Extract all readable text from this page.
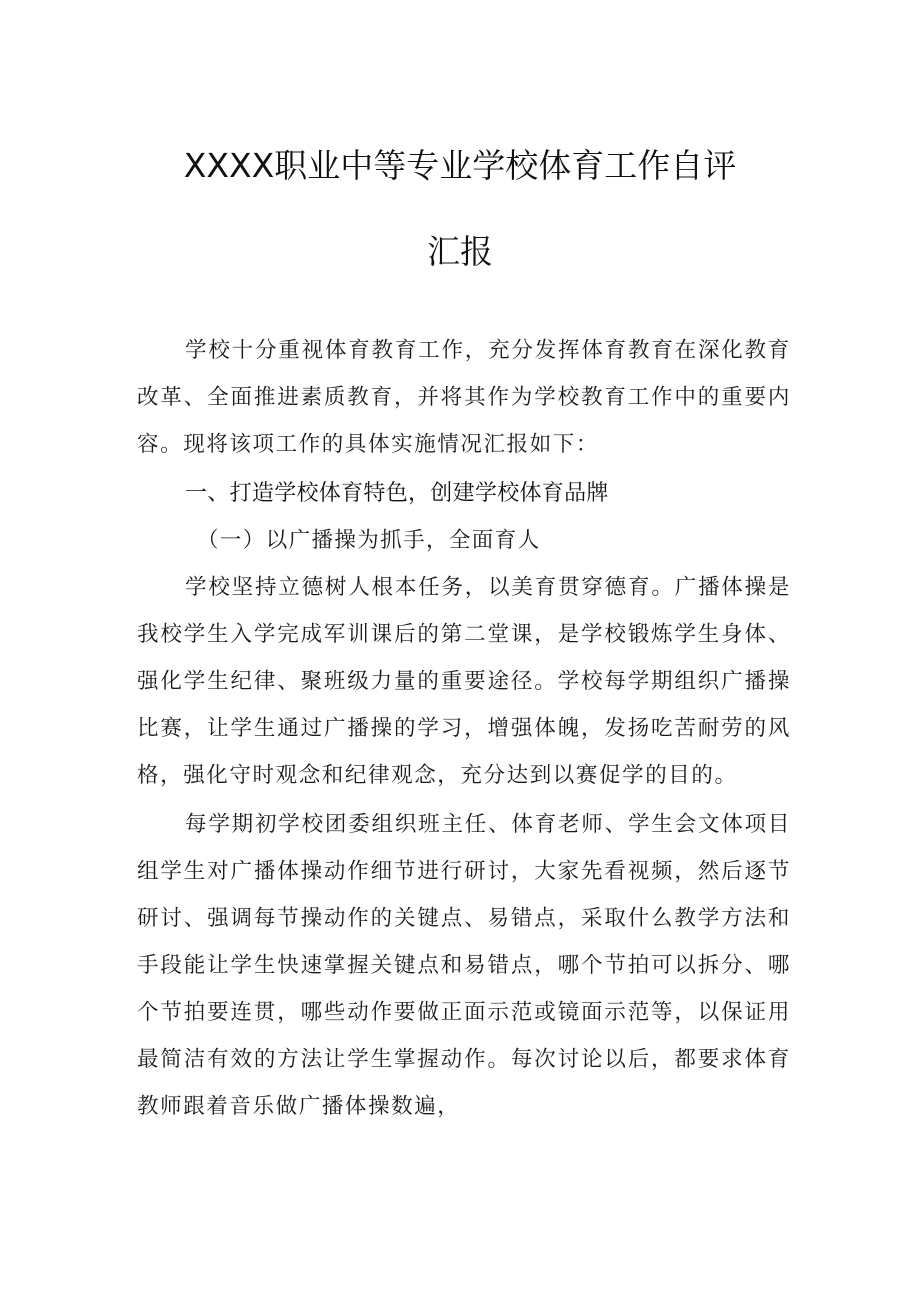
XXXX职业中等专业学校体育工作自评
汇报

学校十分重视体育教育工作，充分发挥体育教育在深化教育改革、全面推进素质教育，并将其作为学校教育工作中的重要内容。现将该项工作的具体实施情况汇报如下：

一、打造学校体育特色，创建学校体育品牌
（一）以广播操为抓手，全面育人

学校坚持立德树人根本任务，以美育贯穿德育。广播体操是我校学生入学完成军训课后的第二堂课，是学校锻炼学生身体、强化学生纪律、聚班级力量的重要途径。学校每学期组织广播操比赛，让学生通过广播操的学习，增强体魄，发扬吃苦耐劳的风格，强化守时观念和纪律观念，充分达到以赛促学的目的。

每学期初学校团委组织班主任、体育老师、学生会文体项目组学生对广播体操动作细节进行研讨，大家先看视频，然后逐节研讨、强调每节操动作的关键点、易错点，采取什么教学方法和手段能让学生快速掌握关键点和易错点，哪个节拍可以拆分、哪个节拍要连贯，哪些动作要做正面示范或镜面示范等，以保证用最简洁有效的方法让学生掌握动作。每次讨论以后，都要求体育教师跟着音乐做广播体操数遍，
